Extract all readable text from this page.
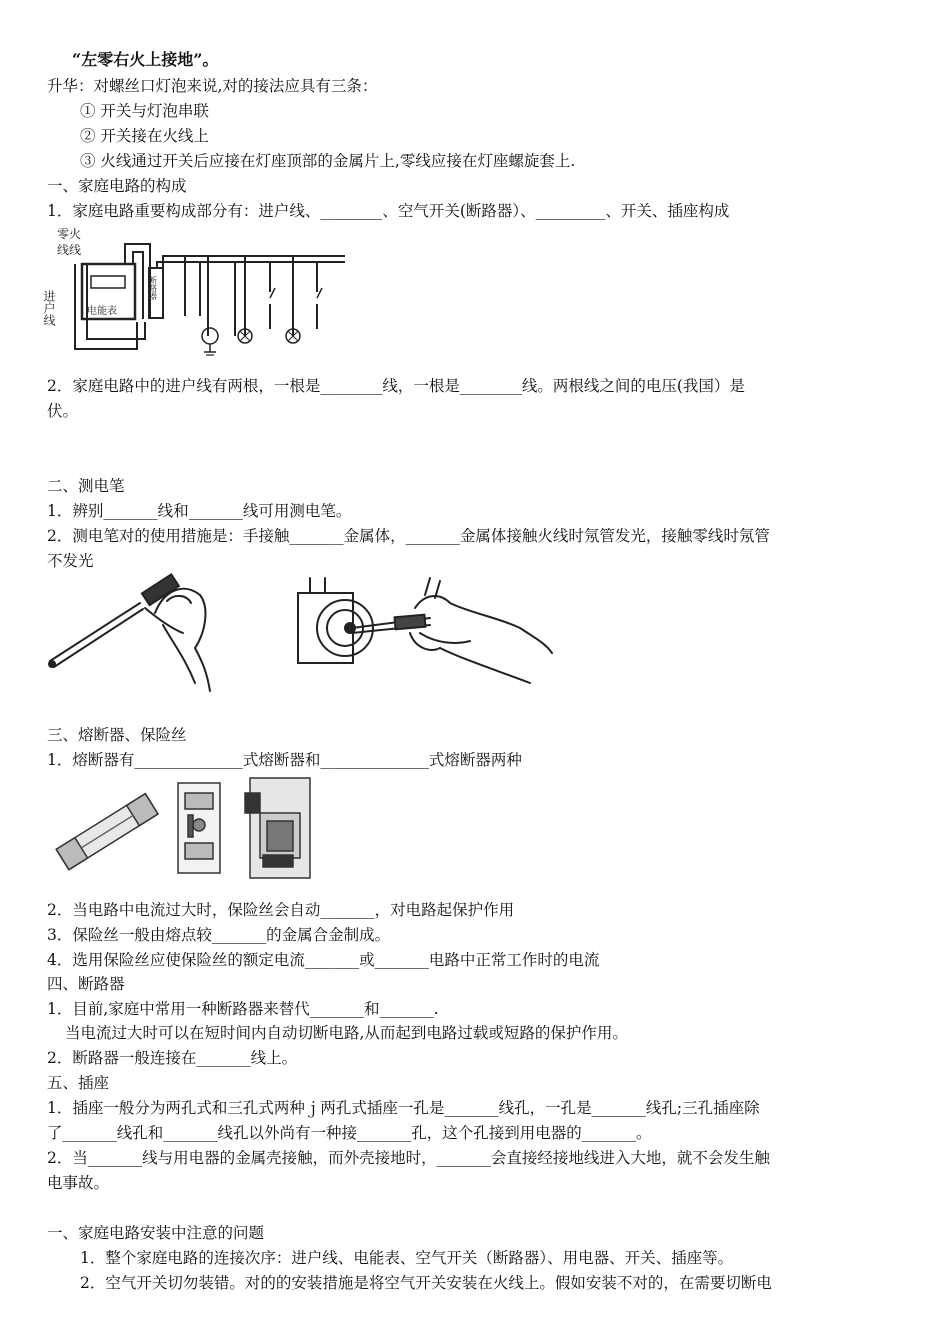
“左零右火上接地”。
升华：对螺丝口灯泡来说,对的接法应具有三条：
① 开关与灯泡串联
② 开关接在火线上
③ 火线通过开关后应接在灯座顶部的金属片上,零线应接在灯座螺旋套上.
一、家庭电路的构成
1．家庭电路重要构成部分有：进户线、________、空气开关(断路器）、_________、开关、插座构成
零火
线线
进户线	电能表
断路器
2．家庭电路中的进户线有两根，一根是________线，一根是________线。两根线之间的电压(我国）是
伏。
二、测电笔
1．辨别_______线和_______线可用测电笔。
2．测电笔对的使用措施是：手接触_______金属体，_______金属体接触火线时氖管发光，接触零线时氖管
不发光
三、熔断器、保险丝
1．熔断器有______________式熔断器和______________式熔断器两种
2．当电路中电流过大时，保险丝会自动_______，对电路起保护作用
3．保险丝一般由熔点较_______的金属合金制成。
4．选用保险丝应使保险丝的额定电流_______或_______电路中正常工作时的电流
四、断路器
1．目前,家庭中常用一种断路器来替代_______和_______.
当电流过大时可以在短时间内自动切断电路,从而起到电路过载或短路的保护作用。
2．断路器一般连接在_______线上。
五、插座
1．插座一般分为两孔式和三孔式两种ｊ两孔式插座一孔是_______线孔，一孔是_______线孔;三孔插座除
了_______线孔和_______线孔以外尚有一种接_______孔，这个孔接到用电器的_______。
2．当_______线与用电器的金属壳接触，而外壳接地时，_______会直接经接地线进入大地，就不会发生触
电事故。
一、家庭电路安装中注意的问题
1．整个家庭电路的连接次序：进户线、电能表、空气开关（断路器）、用电器、开关、插座等。
2．空气开关切勿装错。对的的安装措施是将空气开关安装在火线上。假如安装不对的，在需要切断电
